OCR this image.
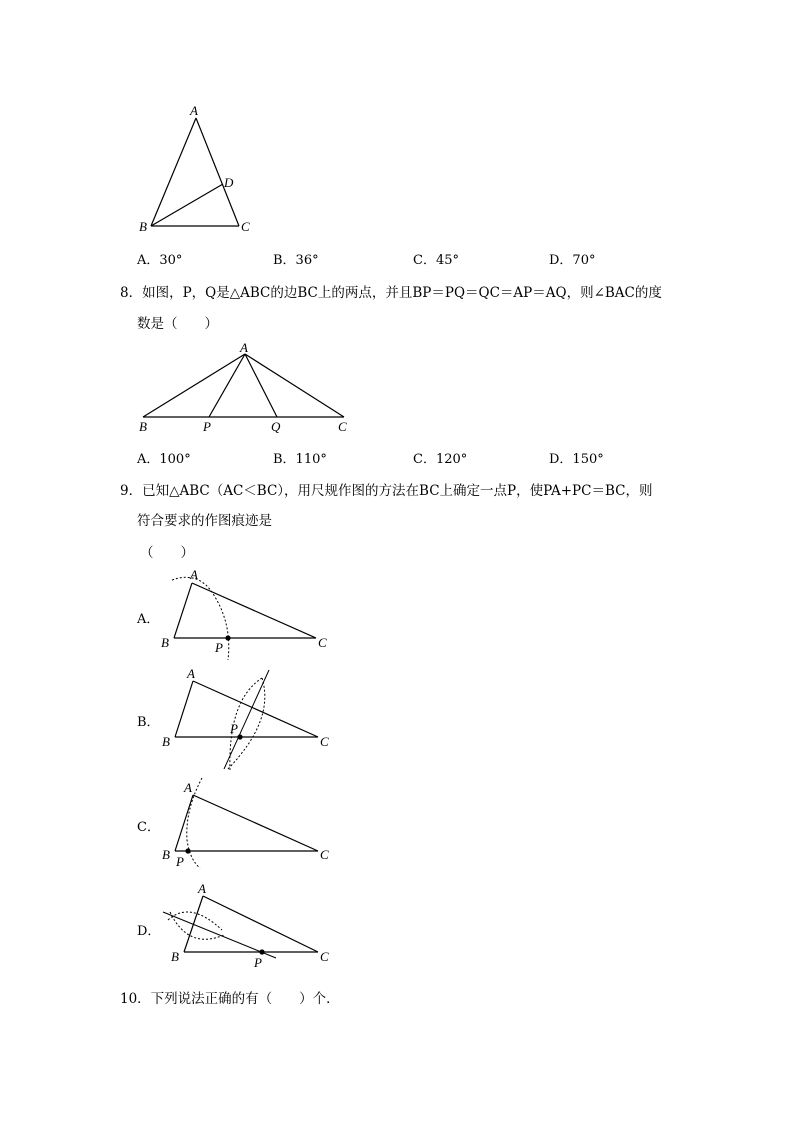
A
B	C
D
A．30°	B．36°	C．45°	D．70°
8．如图，P，Q是△ABC的边BC上的两点，并且BP＝PQ＝QC＝AP＝AQ，则∠BAC的度
数是（　　）
A
B	P	Q	C
A．100°	B．110°	C．120°	D．150°
9．已知△ABC（AC＜BC），用尺规作图的方法在BC上确定一点P，使PA+PC＝BC，则
符合要求的作图痕迹是
（　　）
A．
B．
C．
D．
A
B	P	C
A
B
P
C
A
B P	C
A
B	P	C
10．下列说法正确的有（　　）个．
